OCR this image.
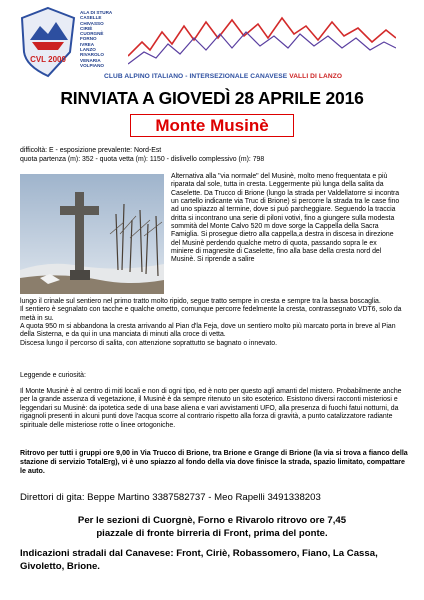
CVL 2000
ALA DI STURA
CASELLE
CHIVASSO
CIRIÉ
CUORGNÈ
FORNO
IVREA
LANZO
RIVAROLO
VENARIA
VOLPIANO
CLUB ALPINO ITALIANO - INTERSEZIONALE CANAVESE VALLI DI LANZO
RINVIATA A GIOVEDÌ 28 APRILE 2016
Monte Musinè
difficoltà: E - esposizione prevalente: Nord-Est
quota partenza (m): 352 - quota vetta (m): 1150 - dislivello complessivo (m): 798

Alternativa alla "via normale" del Musinè, molto meno frequentata e più riparata dal sole, tutta in cresta. Leggermente più lunga della salita da Caselette. Da Trucco di Brione (lungo la strada per Valdellatorre si incontra un cartello indicante via Truc di Brione) si percorre la strada tra le case fino ad uno spiazzo al termine, dove si può parcheggiare. Seguendo la traccia dritta si incontrano una serie di piloni votivi, fino a giungere sulla modesta sommità del Monte Calvo 520 m dove sorge la Cappella della Sacra Famiglia. Si prosegue dietro alla cappella,a destra in discesa in direzione del Musinè perdendo qualche metro di quota, passando sopra le ex miniere di magnesite di Caselette, fino alla base della cresta nord del Musinè. Si riprende a salire

lungo il crinale sul sentiero nel primo tratto molto ripido, segue tratto sempre in cresta e sempre tra la bassa boscaglia.

Il sentiero è segnalato con tacche e qualche ometto, comunque percorre fedelmente la cresta, contrassegnato VDT6, solo da metà in su.

A quota 950 m si abbandona la cresta arrivando al Pian d'la Feja, dove un sentiero molto più marcato porta in breve al Pian della Sisterna, e da qui in una manciata di minuti alla croce di vetta.

Discesa lungo il percorso di salita, con attenzione soprattutto se bagnato o innevato.

Leggende e curiosità:
Il Monte Musinè è al centro di miti locali e non di ogni tipo, ed è noto per questo agli amanti del mistero. Probabilmente anche per la grande assenza di vegetazione, il Musinè è da sempre ritenuto un sito esoterico. Esistono diversi racconti misteriosi e leggendari su Musinè: da ipotetica sede di una base aliena e vari avvistamenti UFO, alla presenza di fuochi fatui notturni, da rigagnoli presenti in alcuni punti dove l'acqua scorre al contrario rispetto alla forza di gravità, a punto catalizzatore radiante spirituale delle misteriose rotte o linee ortogoniche.
Ritrovo per tutti i gruppi ore 9,00 in Via Trucco di Brione, tra Brione e Grange di Brione (la via si trova a fianco della stazione di servizio TotalErg), vi è uno spiazzo al fondo della via dove finisce la strada, spazio limitato, compattare le auto.
Direttori di gita: Beppe Martino 3387582737 - Meo Rapelli 3491338203
Per le sezioni di Cuorgnè, Forno e Rivarolo ritrovo ore 7,45
piazzale di fronte birreria di Front, prima del ponte.
Indicazioni stradali dal Canavese: Front, Ciriè, Robassomero, Fiano, La Cassa, Givoletto, Brione.
